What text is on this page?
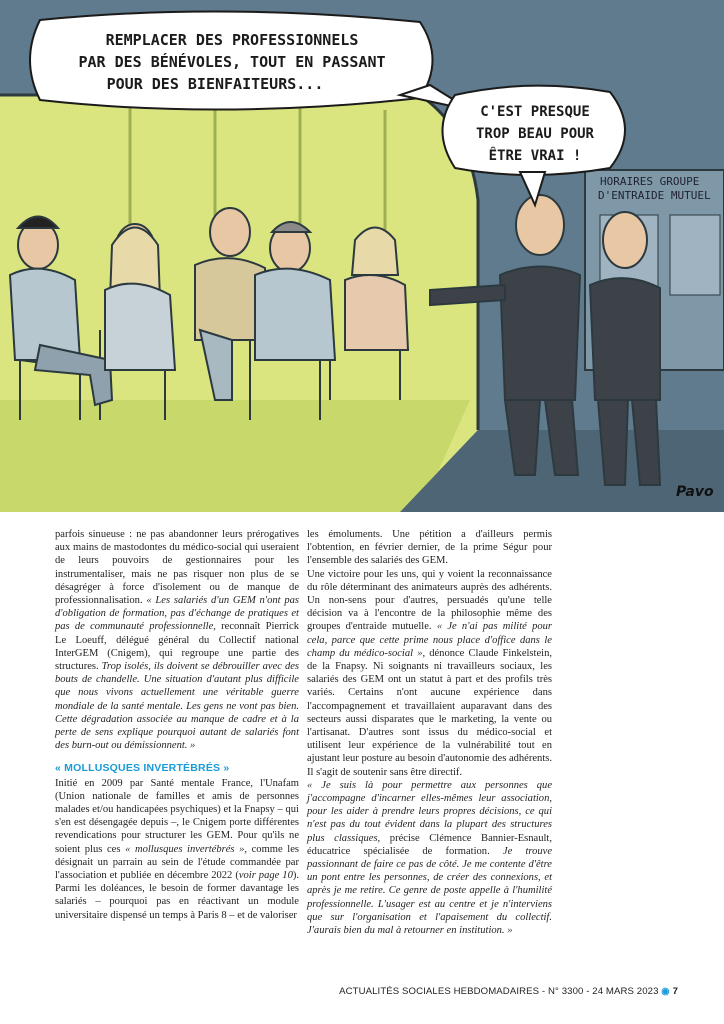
HORAIRES GROUPE
D'ENTRAIDE MUTUEL
REMPLACER DES PROFESSIONNELS
PAR DES BÉNÉVOLES, TOUT EN PASSANT
POUR DES BIENFAITEURS...
C'EST PRESQUE
TROP BEAU POUR
ÊTRE VRAI !
Pavo

parfois sinueuse : ne pas abandonner leurs prérogatives aux mains de mastodontes du médico-social qui useraient de leurs pouvoirs de gestionnaires pour les instrumentaliser, mais ne pas risquer non plus de se désagréger à force d'isolement ou de manque de professionnalisation. « Les salariés d'un GEM n'ont pas d'obligation de formation, pas d'échange de pratiques et pas de communauté professionnelle, reconnaît Pierrick Le Loeuff, délégué général du Collectif national InterGEM (Cnigem), qui regroupe une partie des structures. Trop isolés, ils doivent se débrouiller avec des bouts de chandelle. Une situation d'autant plus difficile que nous vivons actuellement une véritable guerre mondiale de la santé mentale. Les gens ne vont pas bien. Cette dégradation associée au manque de cadre et à la perte de sens explique pourquoi autant de salariés font des burn-out ou démissionnent. »

« MOLLUSQUES INVERTÉBRÉS »

Initié en 2009 par Santé mentale France, l'Unafam (Union nationale de familles et amis de personnes malades et/ou handicapées psychiques) et la Fnapsy – qui s'en est désengagée depuis –, le Cnigem porte différentes revendications pour structurer les GEM. Pour qu'ils ne soient plus ces « mollusques invertébrés », comme les désignait un parrain au sein de l'étude commandée par l'association et publiée en décembre 2022 (voir page 10). Parmi les doléances, le besoin de former davantage les salariés – pourquoi pas en réactivant un module universitaire dispensé un temps à Paris 8 – et de valoriser

les émoluments. Une pétition a d'ailleurs permis l'obtention, en février dernier, de la prime Ségur pour l'ensemble des salariés des GEM.

Une victoire pour les uns, qui y voient la reconnaissance du rôle déterminant des animateurs auprès des adhérents. Un non-sens pour d'autres, persuadés qu'une telle décision va à l'encontre de la philosophie même des groupes d'entraide mutuelle. « Je n'ai pas milité pour cela, parce que cette prime nous place d'office dans le champ du médico-social », dénonce Claude Finkelstein, de la Fnapsy. Ni soignants ni travailleurs sociaux, les salariés des GEM ont un statut à part et des profils très variés. Certains n'ont aucune expérience dans l'accompagnement et travaillaient auparavant dans des secteurs aussi disparates que le marketing, la vente ou l'artisanat. D'autres sont issus du médico-social et utilisent leur expérience de la vulnérabilité tout en ajustant leur posture au besoin d'autonomie des adhérents. Il s'agit de soutenir sans être directif.

« Je suis là pour permettre aux personnes que j'accompagne d'incarner elles-mêmes leur association, pour les aider à prendre leurs propres décisions, ce qui n'est pas du tout évident dans la plupart des structures plus classiques, précise Clémence Bannier-Esnault, éducatrice spécialisée de formation. Je trouve passionnant de faire ce pas de côté. Je me contente d'être un pont entre les personnes, de créer des connexions, et après je me retire. Ce genre de poste appelle à l'humilité professionnelle. L'usager est au centre et je n'interviens que sur l'organisation et l'apaisement du collectif. J'aurais bien du mal à retourner en institution. »

ACTUALITÉS SOCIALES HEBDOMADAIRES - N° 3300 - 24 MARS 2023 ◉ 7
